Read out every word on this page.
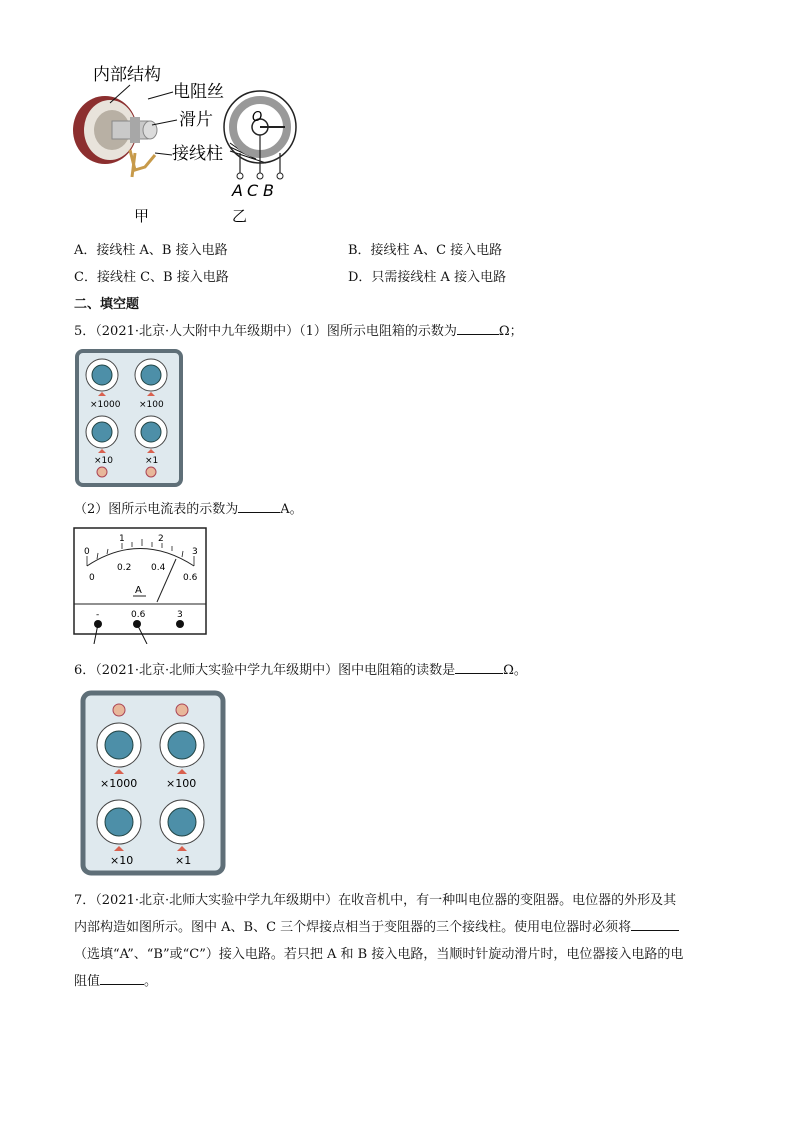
内部结构
电阻丝
滑片
接线柱
O
A C B
甲	乙
A．接线柱 A、B 接入电路	B．接线柱 A、C 接入电路
C．接线柱 C、B 接入电路	D．只需接线柱 A 接入电路
二、填空题
5．（2021·北京·人大附中九年级期中）（1）图所示电阻箱的示数为	Ω；
×1000 ×100
×10	×1
（2）图所示电流表的示数为	A。
0
1	2
3
0
0.2 0.4
0.6
A
-	0.6	3
6．（2021·北京·北师大实验中学九年级期中）图中电阻箱的读数是	Ω。
×1000	×100
×10	×1
7．（2021·北京·北师大实验中学九年级期中）在收音机中，有一种叫电位器的变阻器。电位器的外形及其
内部构造如图所示。图中 A、B、C 三个焊接点相当于变阻器的三个接线柱。使用电位器时必须将
（选填“A”、“B”或“C”）接入电路。若只把 A 和 B 接入电路，当顺时针旋动滑片时，电位器接入电路的电
阻值	。
